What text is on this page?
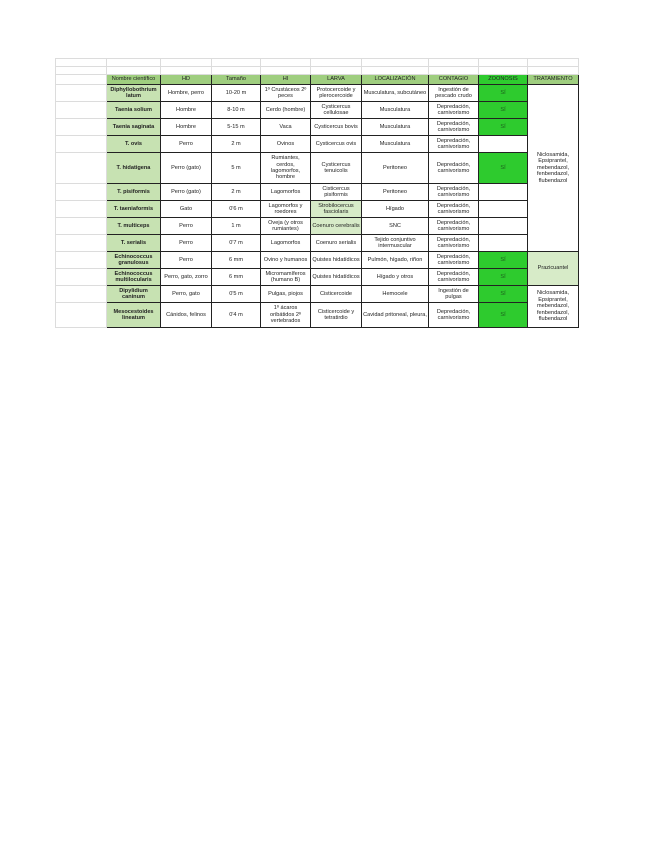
	Nombre científico	HD	Tamaño	HI	LARVA	LOCALIZACIÓN	CONTAGIO	ZOONOSIS	TRATAMIENTO
	Diphyllobothrium latum	Hombre, perro	10-20 m	1º Crustáceos 2º peces	Protocercoide y plerocercoide	Musculatura, subcutáneo	Ingestión de pescado crudo	SÍ	Niclosamida, Epsiprantel, mebendazol, fenbendazol, flubendazol
	Taenia solium	Hombre	8-10 m	Cerdo (hombre)	Cysticercus cellulosae	Musculatura	Depredación, carnivorismo	SÍ	
	Taenia saginata	Hombre	5-15 m	Vaca	Cysticercus bovis	Musculatura	Depredación, carnivorismo	SÍ	
	T. ovis	Perro	2 m	Ovinos	Cysticercus ovis	Musculatura	Depredación, carnivorismo		
	T. hidatigena	Perro (gato)	5 m	Rumiantes, cerdos, lagomorfos, hombre	Cysticercus tenuicolis	Peritoneo	Depredación, carnivorismo	SÍ	
	T. pisiformis	Perro (gato)	2 m	Lagomorfos	Cisticercus pisiformis	Peritoneo	Depredación, carnivorismo		
	T. taeniaformis	Gato	0'6 m	Lagomorfos y roedores	Strobilocercus fasciolaris	Hígado	Depredación, carnivorismo		
	T. multiceps	Perro	1 m	Oveja (y otros rumiantes)	Coenuro cerebralis	SNC	Depredación, carnivorismo		
	T. serialis	Perro	0'7 m	Lagomorfos	Coenuro serialis	Tejido conjuntivo intermuscular	Depredación, carnivorismo		
	Echinococcus granulosus	Perro	6 mm	Ovino y humanos	Quistes hidatídicos	Pulmón, hígado, riñon	Depredación, carnivorismo	SÍ	Prazicuantel
	Echinococcus multilocularis	Perro, gato, zorro	6 mm	Micromamíferos (humano B)	Quistes hidatídicos	Hígado y otros	Depredación, carnivorismo	SÍ	
	Dipylidium caninum	Perro, gato	0'5 m	Pulgas, piojos	Cisticercoide	Hemocele	Ingestión de pulgas	SÍ	Niclosamida, Epsiprantel, mebendazol, fenbendazol, flubendazol
	Mesocestoides lineatum	Cánidos, felinos	0'4 m	1º ácaros oribátidos 2º vertebrados	Cisticercoide y tetratirdio	Cavidad pritoneal, pleura,	Depredación, carnivorismo	SÍ	
